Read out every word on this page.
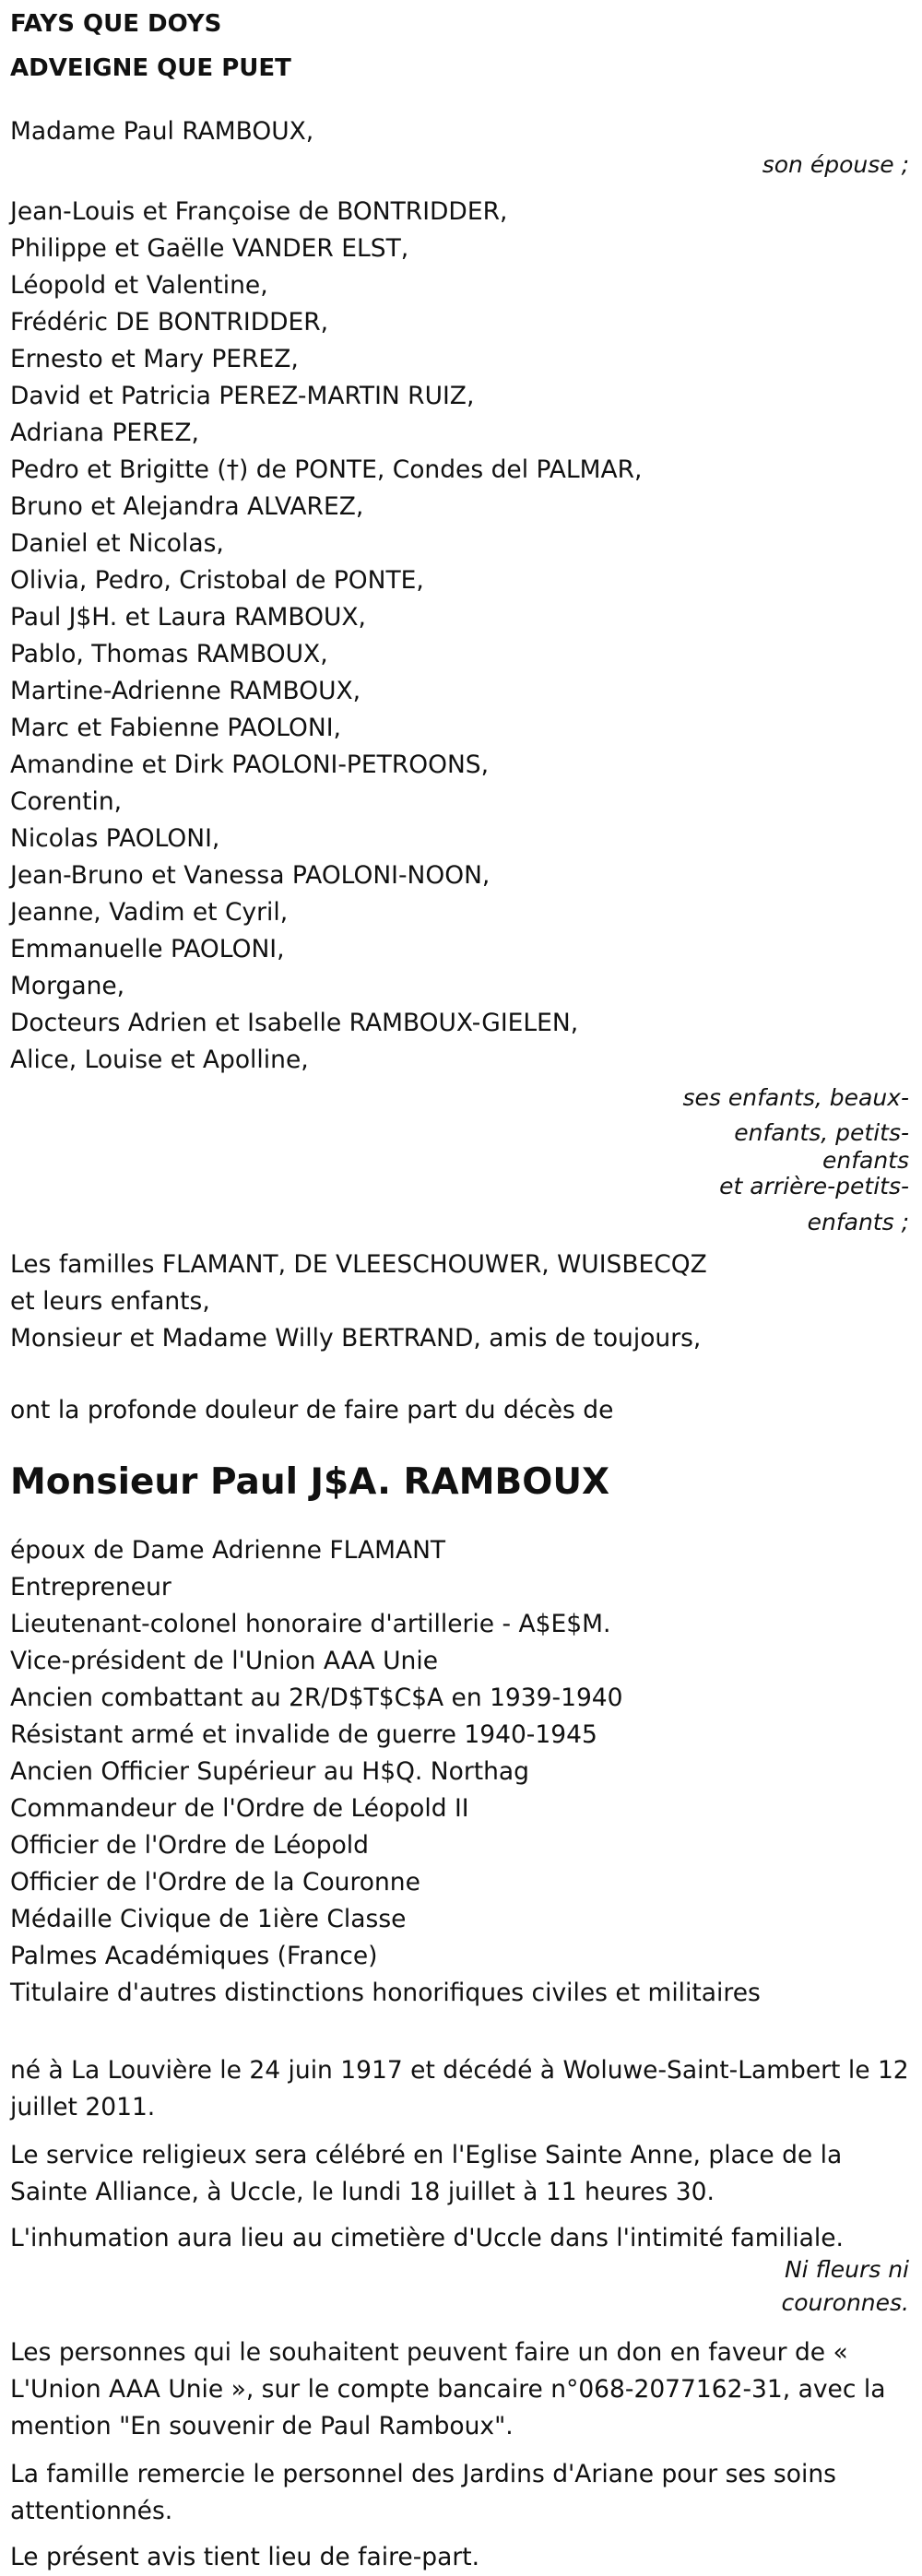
FAYS QUE DOYS
ADVEIGNE QUE PUET

Madame Paul RAMBOUX,

son épouse ;

Jean-Louis et Françoise de BONTRIDDER,

Philippe et Gaëlle VANDER ELST,

Léopold et Valentine,

Frédéric DE BONTRIDDER,

Ernesto et Mary PEREZ,

David et Patricia PEREZ-MARTIN RUIZ,

Adriana PEREZ,

Pedro et Brigitte (†) de PONTE, Condes del PALMAR,

Bruno et Alejandra ALVAREZ,

Daniel et Nicolas,

Olivia, Pedro, Cristobal de PONTE,

Paul J$H. et Laura RAMBOUX,

Pablo, Thomas RAMBOUX,

Martine-Adrienne RAMBOUX,

Marc et Fabienne PAOLONI,

Amandine et Dirk PAOLONI-PETROONS,

Corentin,

Nicolas PAOLONI,

Jean-Bruno et Vanessa PAOLONI-NOON,

Jeanne, Vadim et Cyril,

Emmanuelle PAOLONI,

Morgane,

Docteurs Adrien et Isabelle RAMBOUX-GIELEN,

Alice, Louise et Apolline,

ses enfants, beaux-
enfants, petits-
enfants
et arrière-petits-
enfants ;

Les familles FLAMANT, DE VLEESCHOUWER, WUISBECQZ

et leurs enfants,

Monsieur et Madame Willy BERTRAND, amis de toujours,

ont la profonde douleur de faire part du décès de

Monsieur Paul J$A. RAMBOUX

époux de Dame Adrienne FLAMANT

Entrepreneur

Lieutenant-colonel honoraire d'artillerie - A$E$M.

Vice-président de l'Union AAA Unie

Ancien combattant au 2R/D$T$C$A en 1939-1940

Résistant armé et invalide de guerre 1940-1945

Ancien Officier Supérieur au H$Q. Northag

Commandeur de l'Ordre de Léopold II

Officier de l'Ordre de Léopold

Officier de l'Ordre de la Couronne

Médaille Civique de 1ière Classe

Palmes Académiques (France)

Titulaire d'autres distinctions honorifiques civiles et militaires

né à La Louvière le 24 juin 1917 et décédé à Woluwe-Saint-Lambert le 12 juillet 2011.

Le service religieux sera célébré en l'Eglise Sainte Anne, place de la Sainte Alliance, à Uccle, le lundi 18 juillet à 11 heures 30.

L'inhumation aura lieu au cimetière d'Uccle dans l'intimité familiale.

Ni fleurs ni
couronnes.

Les personnes qui le souhaitent peuvent faire un don en faveur de « L'Union AAA Unie », sur le compte bancaire n°068-2077162-31, avec la mention "En souvenir de Paul Ramboux".

La famille remercie le personnel des Jardins d'Ariane pour ses soins attentionnés.

Le présent avis tient lieu de faire-part.
